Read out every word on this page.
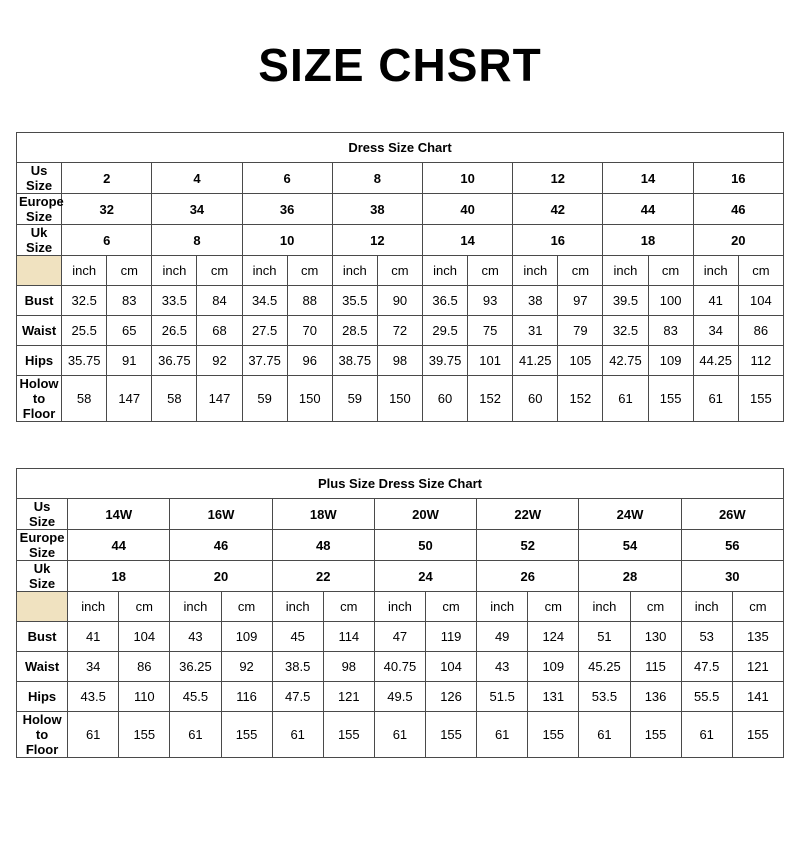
SIZE CHSRT
Dress Size Chart																
Us Size	2		4		6		8		10		12		14		16	
Europe Size	32		34		36		38		40		42		44		46	
Uk Size	6		8		10		12		14		16		18		20	
	inch	cm	inch	cm	inch	cm	inch	cm	inch	cm	inch	cm	inch	cm	inch	cm
Bust	32.5	83	33.5	84	34.5	88	35.5	90	36.5	93	38	97	39.5	100	41	104
Waist	25.5	65	26.5	68	27.5	70	28.5	72	29.5	75	31	79	32.5	83	34	86
Hips	35.75	91	36.75	92	37.75	96	38.75	98	39.75	101	41.25	105	42.75	109	44.25	112
Holow to Floor	58	147	58	147	59	150	59	150	60	152	60	152	61	155	61	155
Plus Size Dress Size Chart														
Us Size	14W		16W		18W		20W		22W		24W		26W	
Europe Size	44		46		48		50		52		54		56	
Uk Size	18		20		22		24		26		28		30	
	inch	cm	inch	cm	inch	cm	inch	cm	inch	cm	inch	cm	inch	cm
Bust	41	104	43	109	45	114	47	119	49	124	51	130	53	135
Waist	34	86	36.25	92	38.5	98	40.75	104	43	109	45.25	115	47.5	121
Hips	43.5	110	45.5	116	47.5	121	49.5	126	51.5	131	53.5	136	55.5	141
Holow to Floor	61	155	61	155	61	155	61	155	61	155	61	155	61	155
